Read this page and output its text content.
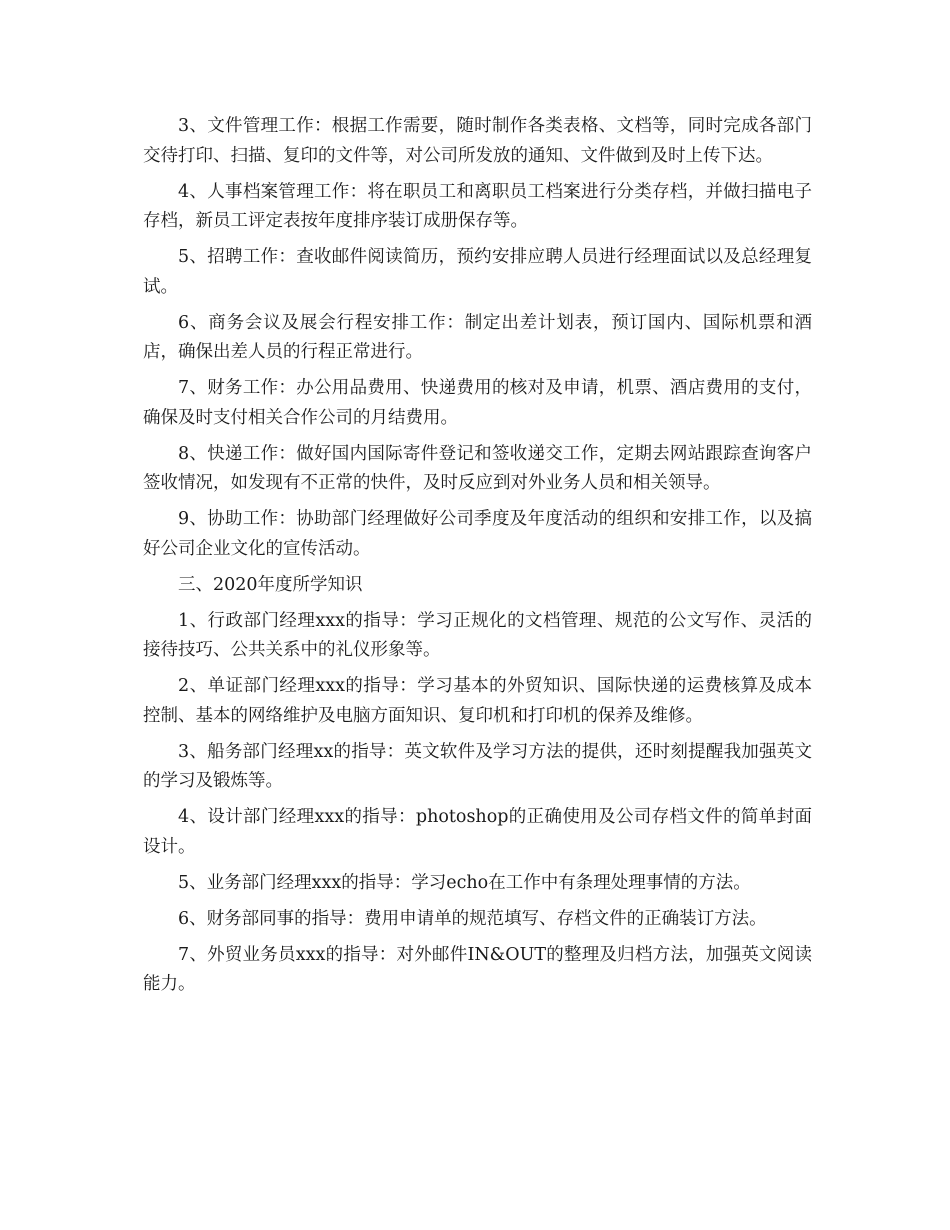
3、文件管理工作：根据工作需要，随时制作各类表格、文档等，同时完成各部门交待打印、扫描、复印的文件等，对公司所发放的通知、文件做到及时上传下达。

4、人事档案管理工作：将在职员工和离职员工档案进行分类存档，并做扫描电子存档，新员工评定表按年度排序装订成册保存等。

5、招聘工作：查收邮件阅读简历，预约安排应聘人员进行经理面试以及总经理复试。

6、商务会议及展会行程安排工作：制定出差计划表，预订国内、国际机票和酒店，确保出差人员的行程正常进行。

7、财务工作：办公用品费用、快递费用的核对及申请，机票、酒店费用的支付，确保及时支付相关合作公司的月结费用。

8、快递工作：做好国内国际寄件登记和签收递交工作，定期去网站跟踪查询客户签收情况，如发现有不正常的快件，及时反应到对外业务人员和相关领导。

9、协助工作：协助部门经理做好公司季度及年度活动的组织和安排工作，以及搞好公司企业文化的宣传活动。

三、2020年度所学知识

1、行政部门经理xxx的指导：学习正规化的文档管理、规范的公文写作、灵活的接待技巧、公共关系中的礼仪形象等。

2、单证部门经理xxx的指导：学习基本的外贸知识、国际快递的运费核算及成本控制、基本的网络维护及电脑方面知识、复印机和打印机的保养及维修。

3、船务部门经理xx的指导：英文软件及学习方法的提供，还时刻提醒我加强英文的学习及锻炼等。

4、设计部门经理xxx的指导：photoshop的正确使用及公司存档文件的简单封面设计。

5、业务部门经理xxx的指导：学习echo在工作中有条理处理事情的方法。

6、财务部同事的指导：费用申请单的规范填写、存档文件的正确装订方法。

7、外贸业务员xxx的指导：对外邮件IN&OUT的整理及归档方法，加强英文阅读能力。
